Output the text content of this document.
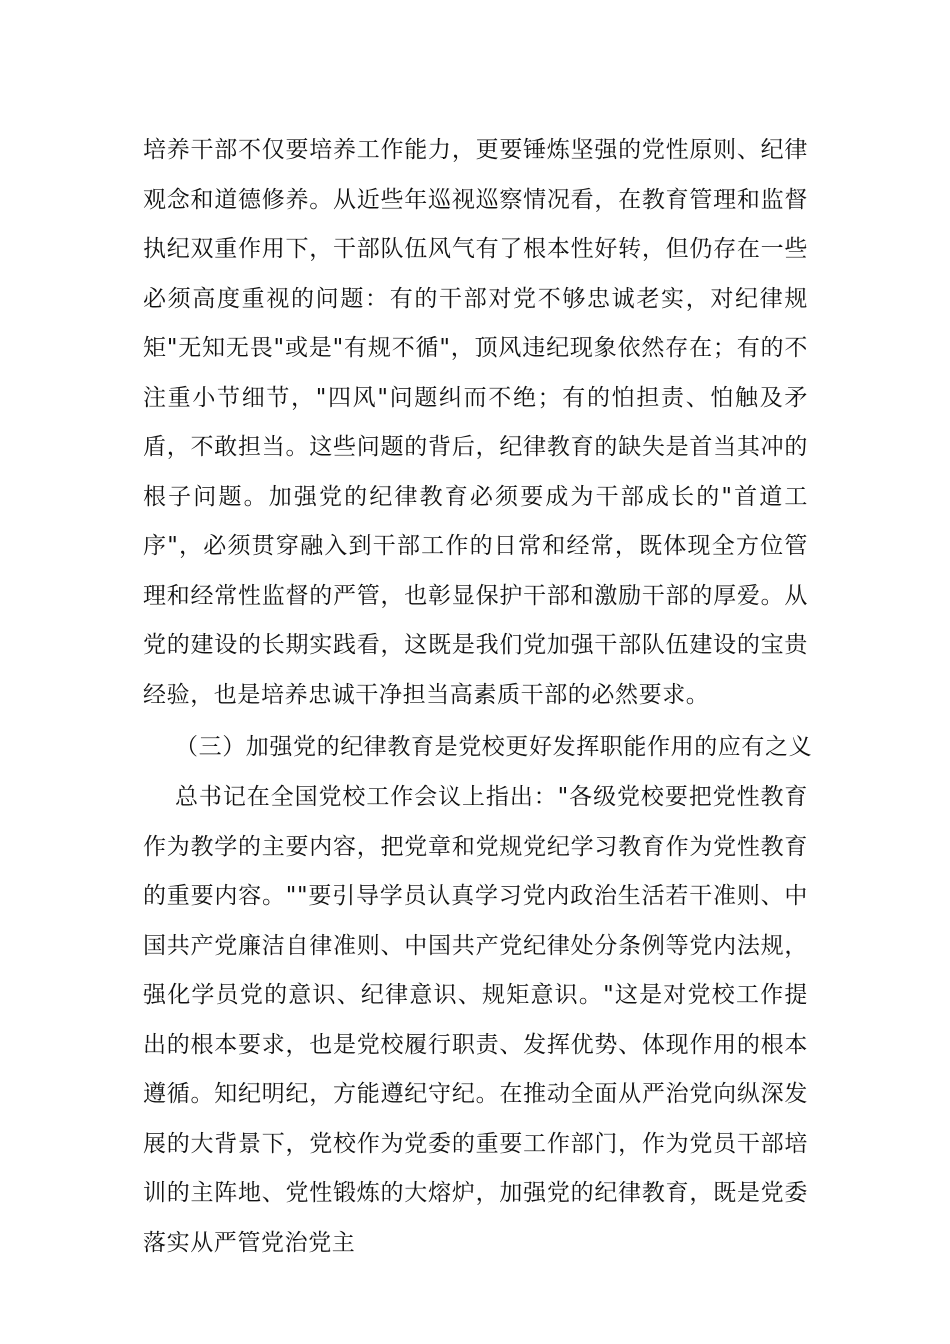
培养干部不仅要培养工作能力，更要锤炼坚强的党性原则、纪律观念和道德修养。从近些年巡视巡察情况看，在教育管理和监督执纪双重作用下，干部队伍风气有了根本性好转，但仍存在一些必须高度重视的问题：有的干部对党不够忠诚老实，对纪律规矩"无知无畏"或是"有规不循"，顶风违纪现象依然存在；有的不注重小节细节，"四风"问题纠而不绝；有的怕担责、怕触及矛盾，不敢担当。这些问题的背后，纪律教育的缺失是首当其冲的根子问题。加强党的纪律教育必须要成为干部成长的"首道工序"，必须贯穿融入到干部工作的日常和经常，既体现全方位管理和经常性监督的严管，也彰显保护干部和激励干部的厚爱。从党的建设的长期实践看，这既是我们党加强干部队伍建设的宝贵经验，也是培养忠诚干净担当高素质干部的必然要求。

（三）加强党的纪律教育是党校更好发挥职能作用的应有之义

总书记在全国党校工作会议上指出："各级党校要把党性教育作为教学的主要内容，把党章和党规党纪学习教育作为党性教育的重要内容。""要引导学员认真学习党内政治生活若干准则、中国共产党廉洁自律准则、中国共产党纪律处分条例等党内法规，强化学员党的意识、纪律意识、规矩意识。"这是对党校工作提出的根本要求，也是党校履行职责、发挥优势、体现作用的根本遵循。知纪明纪，方能遵纪守纪。在推动全面从严治党向纵深发展的大背景下，党校作为党委的重要工作部门，作为党员干部培训的主阵地、党性锻炼的大熔炉，加强党的纪律教育，既是党委落实从严管党治党主
